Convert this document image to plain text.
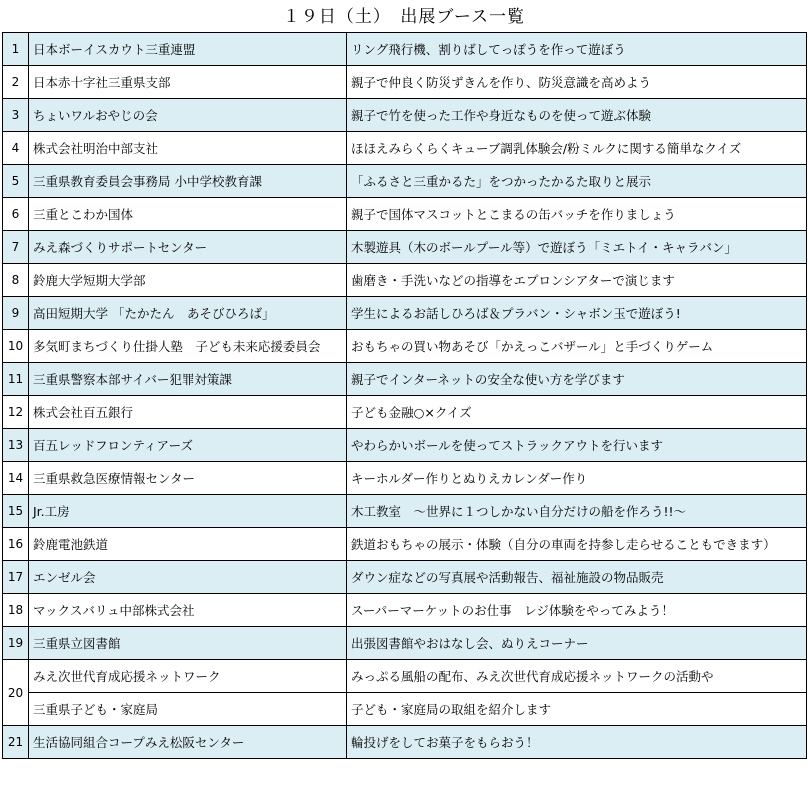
１９日（土）　出展ブース一覧
1	日本ボーイスカウト三重連盟	リング飛行機、割りばしてっぽうを作って遊ぼう
2	日本赤十字社三重県支部	親子で仲良く防災ずきんを作り、防災意識を高めよう
3	ちょいワルおやじの会	親子で竹を使った工作や身近なものを使って遊ぶ体験
4	株式会社明治中部支社	ほほえみらくらくキューブ調乳体験会/粉ミルクに関する簡単なクイズ
5	三重県教育委員会事務局 小中学校教育課	「ふるさと三重かるた」をつかったかるた取りと展示
6	三重とこわか国体	親子で国体マスコットとこまるの缶バッチを作りましょう
7	みえ森づくりサポートセンター	木製遊具（木のボールプール等）で遊ぼう「ミエトイ・キャラバン」
8	鈴鹿大学短期大学部	歯磨き・手洗いなどの指導をエプロンシアターで演じます
9	高田短期大学 「たかたん　あそびひろば」	学生によるお話しひろば＆プラバン・シャボン玉で遊ぼう!
10	多気町まちづくり仕掛人塾　子ども未来応援委員会	おもちゃの買い物あそび「かえっこバザール」と手づくりゲーム
11	三重県警察本部サイバー犯罪対策課	親子でインターネットの安全な使い方を学びます
12	株式会社百五銀行	子ども金融○×クイズ
13	百五レッドフロンティアーズ	やわらかいボールを使ってストラックアウトを行います
14	三重県救急医療情報センター	キーホルダー作りとぬりえカレンダー作り
15	Jr.工房	木工教室　～世界に１つしかない自分だけの船を作ろう!!～
16	鈴鹿電池鉄道	鉄道おもちゃの展示・体験（自分の車両を持参し走らせることもできます）
17	エンゼル会	ダウン症などの写真展や活動報告、福祉施設の物品販売
18	マックスバリュ中部株式会社	スーパーマーケットのお仕事　レジ体験をやってみよう！
19	三重県立図書館	出張図書館やおはなし会、ぬりえコーナー
20	みえ次世代育成応援ネットワーク	みっぷる風船の配布、みえ次世代育成応援ネットワークの活動や
	三重県子ども・家庭局	子ども・家庭局の取組を紹介します
21	生活協同組合コープみえ松阪センター	輪投げをしてお菓子をもらおう！
